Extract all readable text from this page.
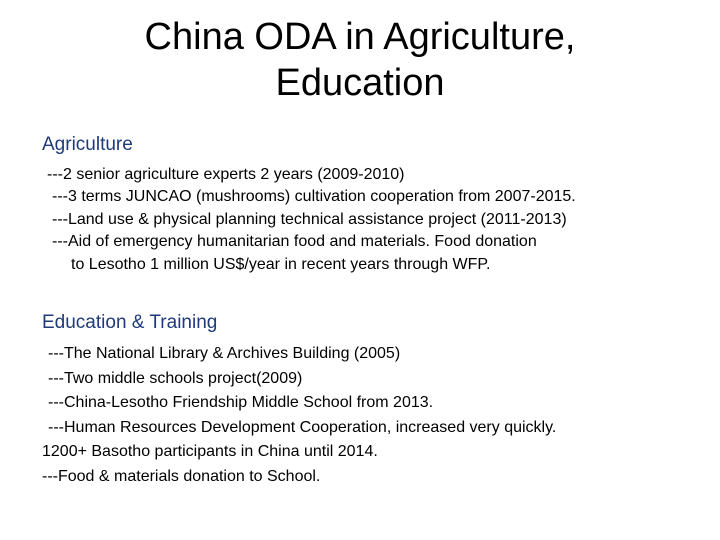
China ODA in Agriculture,
Education
Agriculture
---2 senior agriculture experts 2 years (2009-2010)
---3 terms JUNCAO (mushrooms) cultivation cooperation from 2007-2015.
---Land use & physical planning technical assistance project (2011-2013)
---Aid of emergency humanitarian food and materials. Food donation
to Lesotho 1 million US$/year in recent years through WFP.
Education & Training
---The National Library & Archives Building (2005)
---Two middle schools project(2009)
---China-Lesotho Friendship Middle School from 2013.
---Human Resources Development Cooperation, increased very quickly.
1200+ Basotho participants in China until 2014.
---Food & materials donation to School.
